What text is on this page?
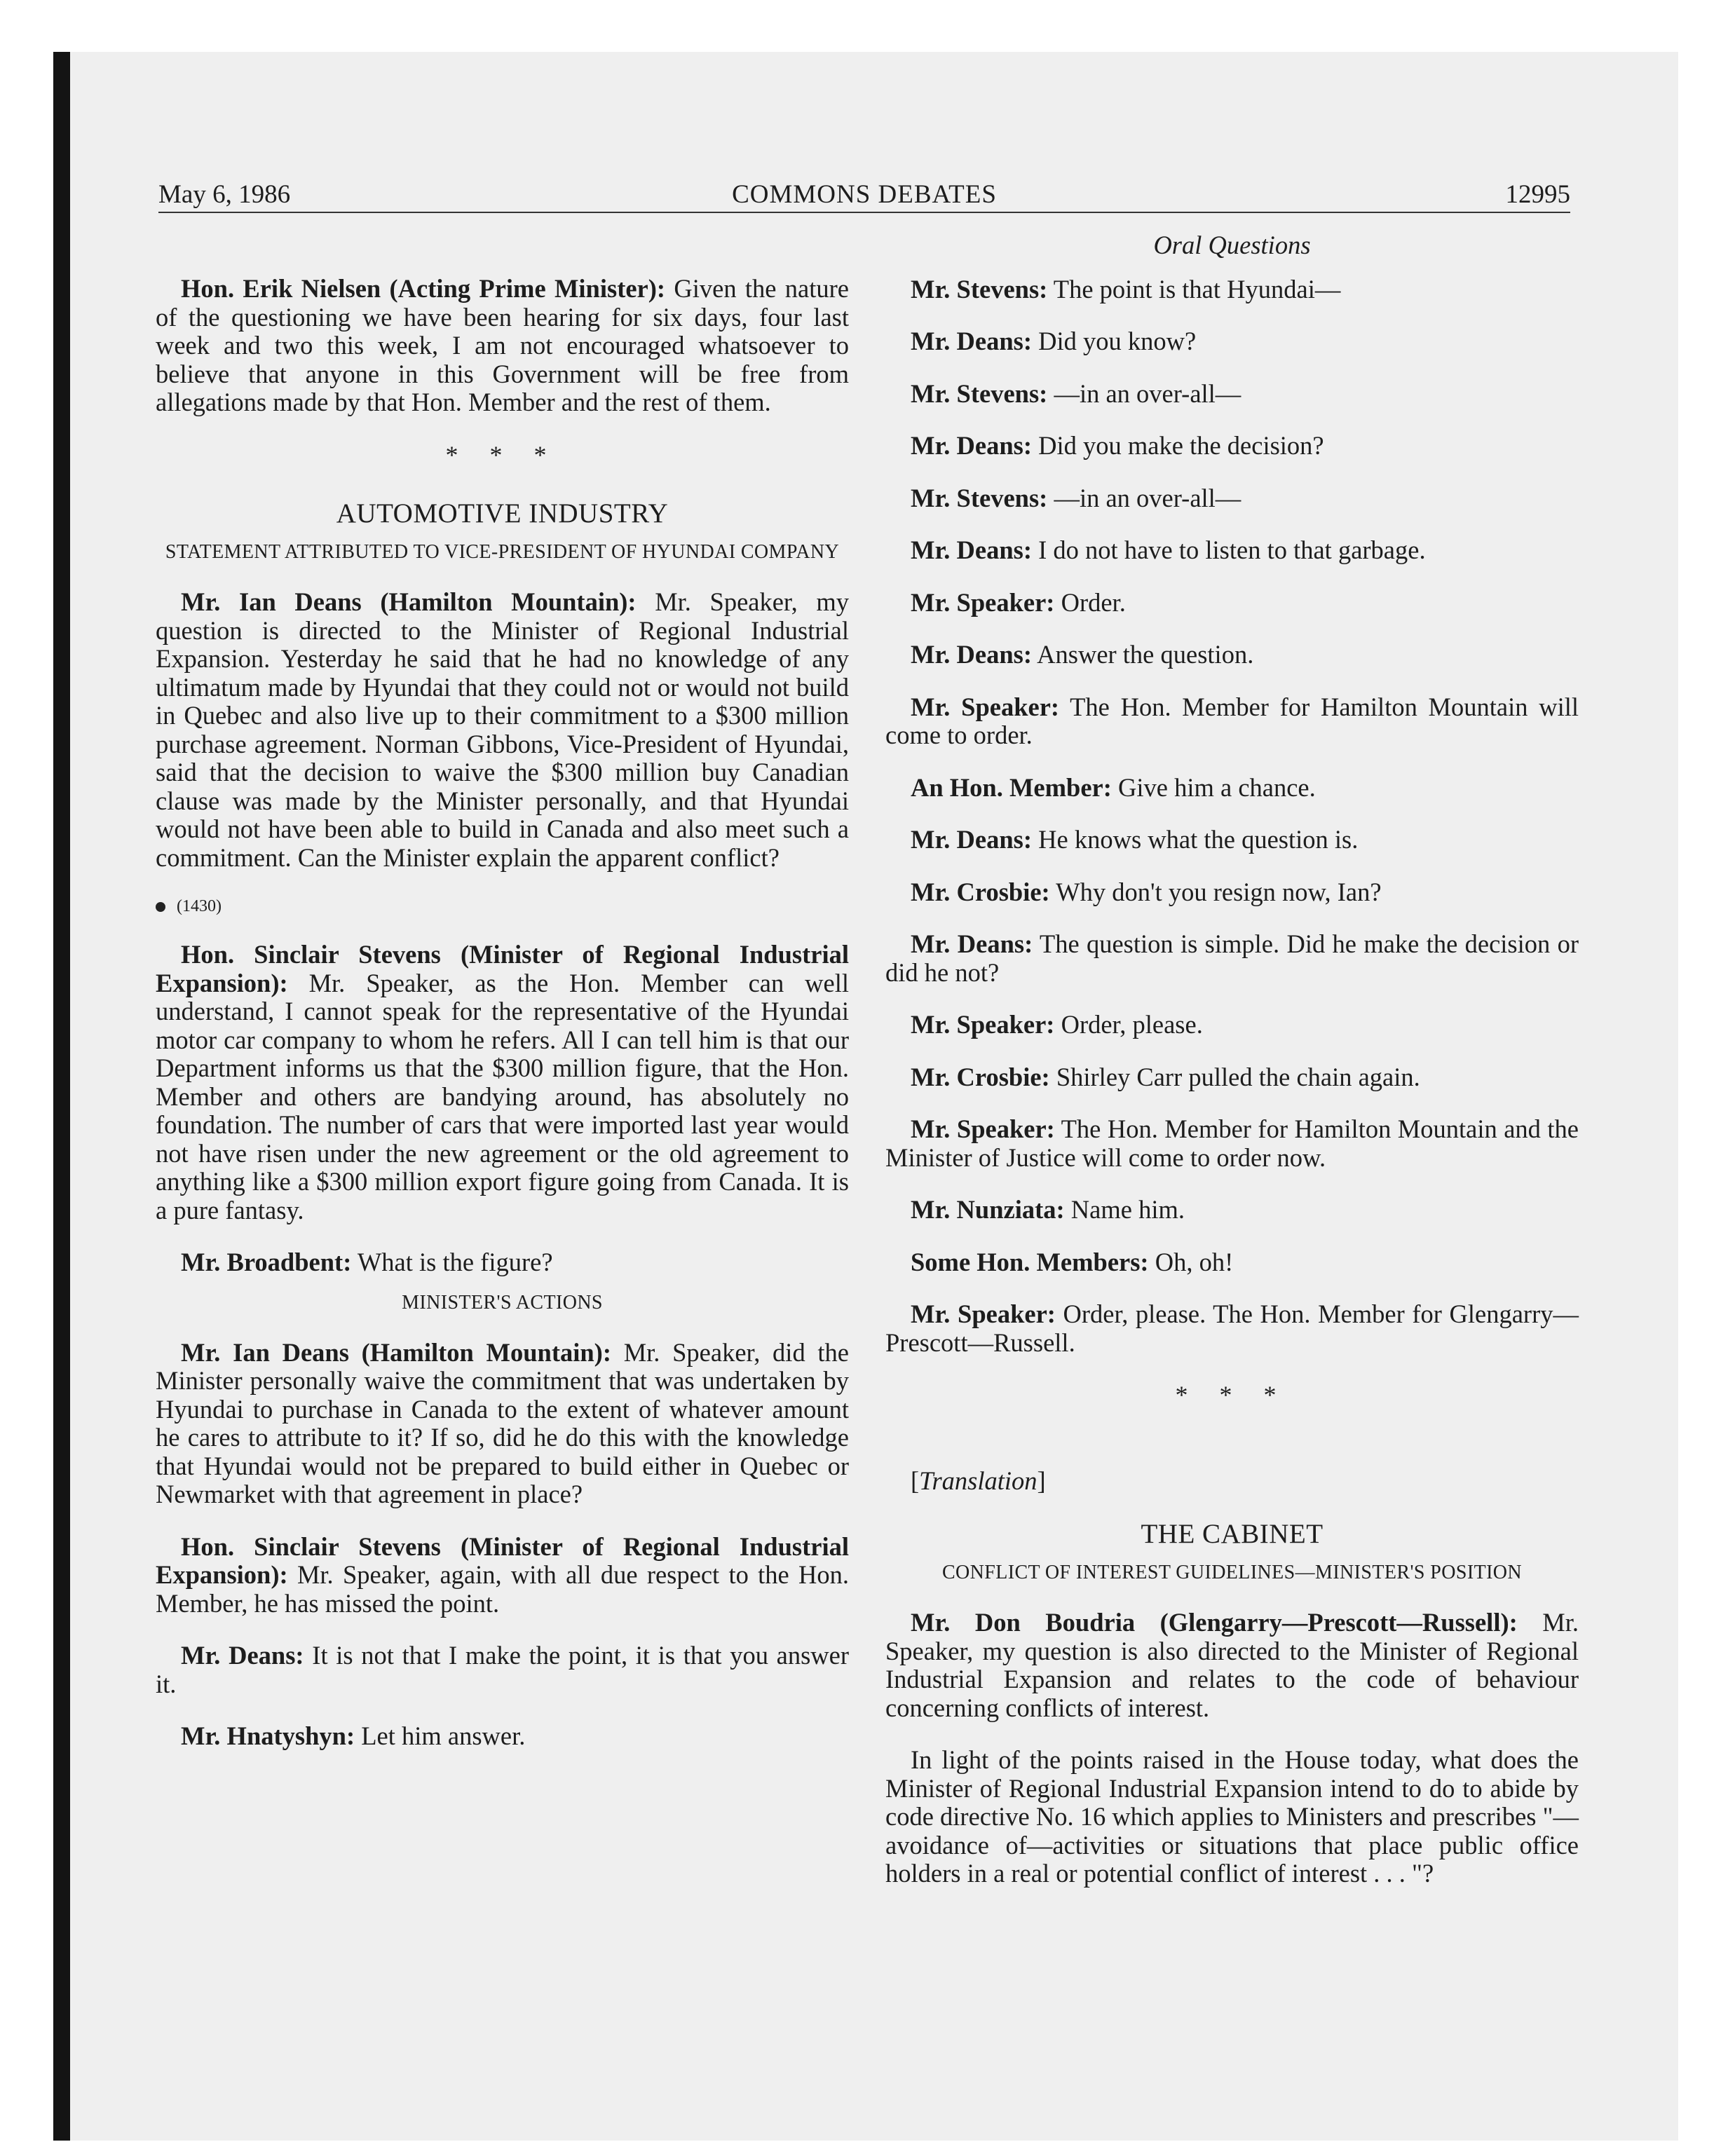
May 6, 1986	COMMONS DEBATES	12995

Hon. Erik Nielsen (Acting Prime Minister): Given the nature of the questioning we have been hearing for six days, four last week and two this week, I am not encouraged whatsoever to believe that anyone in this Government will be free from allegations made by that Hon. Member and the rest of them.

* * *
AUTOMOTIVE INDUSTRY
STATEMENT ATTRIBUTED TO VICE-PRESIDENT OF HYUNDAI COMPANY

Mr. Ian Deans (Hamilton Mountain): Mr. Speaker, my question is directed to the Minister of Regional Industrial Expansion. Yesterday he said that he had no knowledge of any ultimatum made by Hyundai that they could not or would not build in Quebec and also live up to their commitment to a $300 million purchase agreement. Norman Gibbons, Vice-President of Hyundai, said that the decision to waive the $300 million buy Canadian clause was made by the Minister personally, and that Hyundai would not have been able to build in Canada and also meet such a commitment. Can the Minister explain the apparent conflict?

(1430)

Hon. Sinclair Stevens (Minister of Regional Industrial Expansion): Mr. Speaker, as the Hon. Member can well understand, I cannot speak for the representative of the Hyundai motor car company to whom he refers. All I can tell him is that our Department informs us that the $300 million figure, that the Hon. Member and others are bandying around, has absolutely no foundation. The number of cars that were imported last year would not have risen under the new agreement or the old agreement to anything like a $300 million export figure going from Canada. It is a pure fantasy.

Mr. Broadbent: What is the figure?

MINISTER'S ACTIONS

Mr. Ian Deans (Hamilton Mountain): Mr. Speaker, did the Minister personally waive the commitment that was undertaken by Hyundai to purchase in Canada to the extent of whatever amount he cares to attribute to it? If so, did he do this with the knowledge that Hyundai would not be prepared to build either in Quebec or Newmarket with that agreement in place?

Hon. Sinclair Stevens (Minister of Regional Industrial Expansion): Mr. Speaker, again, with all due respect to the Hon. Member, he has missed the point.

Mr. Deans: It is not that I make the point, it is that you answer it.

Mr. Hnatyshyn: Let him answer.

Oral Questions

Mr. Stevens: The point is that Hyundai—

Mr. Deans: Did you know?

Mr. Stevens: —in an over-all—

Mr. Deans: Did you make the decision?

Mr. Stevens: —in an over-all—

Mr. Deans: I do not have to listen to that garbage.

Mr. Speaker: Order.

Mr. Deans: Answer the question.

Mr. Speaker: The Hon. Member for Hamilton Mountain will come to order.

An Hon. Member: Give him a chance.

Mr. Deans: He knows what the question is.

Mr. Crosbie: Why don't you resign now, Ian?

Mr. Deans: The question is simple. Did he make the decision or did he not?

Mr. Speaker: Order, please.

Mr. Crosbie: Shirley Carr pulled the chain again.

Mr. Speaker: The Hon. Member for Hamilton Mountain and the Minister of Justice will come to order now.

Mr. Nunziata: Name him.

Some Hon. Members: Oh, oh!

Mr. Speaker: Order, please. The Hon. Member for Glengarry—Prescott—Russell.

* * *

[Translation]

THE CABINET
CONFLICT OF INTEREST GUIDELINES—MINISTER'S POSITION

Mr. Don Boudria (Glengarry—Prescott—Russell): Mr. Speaker, my question is also directed to the Minister of Regional Industrial Expansion and relates to the code of behaviour concerning conflicts of interest.

In light of the points raised in the House today, what does the Minister of Regional Industrial Expansion intend to do to abide by code directive No. 16 which applies to Ministers and prescribes "—avoidance of—activities or situations that place public office holders in a real or potential conflict of interest . . . "?
